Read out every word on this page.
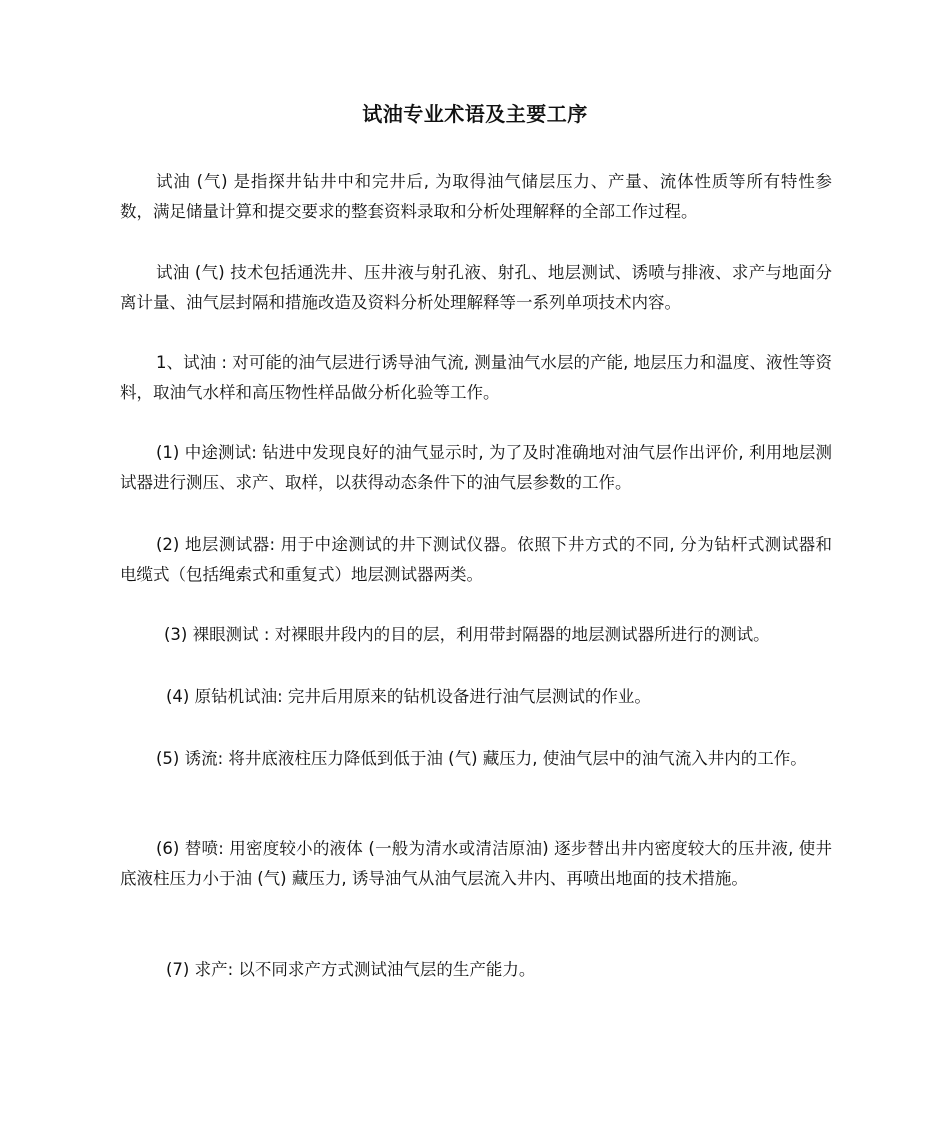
试油专业术语及主要工序

试油 (气) 是指探井钻井中和完井后, 为取得油气储层压力、产量、流体性质等所有特性参数，满足储量计算和提交要求的整套资料录取和分析处理解释的全部工作过程。

试油 (气) 技术包括通洗井、压井液与射孔液、射孔、地层测试、诱喷与排液、求产与地面分离计量、油气层封隔和措施改造及资料分析处理解释等一系列单项技术内容。

1、试油 : 对可能的油气层进行诱导油气流, 测量油气水层的产能, 地层压力和温度、液性等资料，取油气水样和高压物性样品做分析化验等工作。

(1) 中途测试: 钻进中发现良好的油气显示时, 为了及时准确地对油气层作出评价, 利用地层测试器进行测压、求产、取样，以获得动态条件下的油气层参数的工作。

(2) 地层测试器: 用于中途测试的井下测试仪器。依照下井方式的不同, 分为钻杆式测试器和电缆式（包括绳索式和重复式）地层测试器两类。

(3) 裸眼测试 : 对裸眼井段内的目的层，利用带封隔器的地层测试器所进行的测试。

(4) 原钻机试油: 完井后用原来的钻机设备进行油气层测试的作业。

(5) 诱流: 将井底液柱压力降低到低于油 (气) 藏压力, 使油气层中的油气流入井内的工作。

(6) 替喷: 用密度较小的液体 (一般为清水或清洁原油) 逐步替出井内密度较大的压井液, 使井底液柱压力小于油 (气) 藏压力, 诱导油气从油气层流入井内、再喷出地面的技术措施。

(7) 求产: 以不同求产方式测试油气层的生产能力。
